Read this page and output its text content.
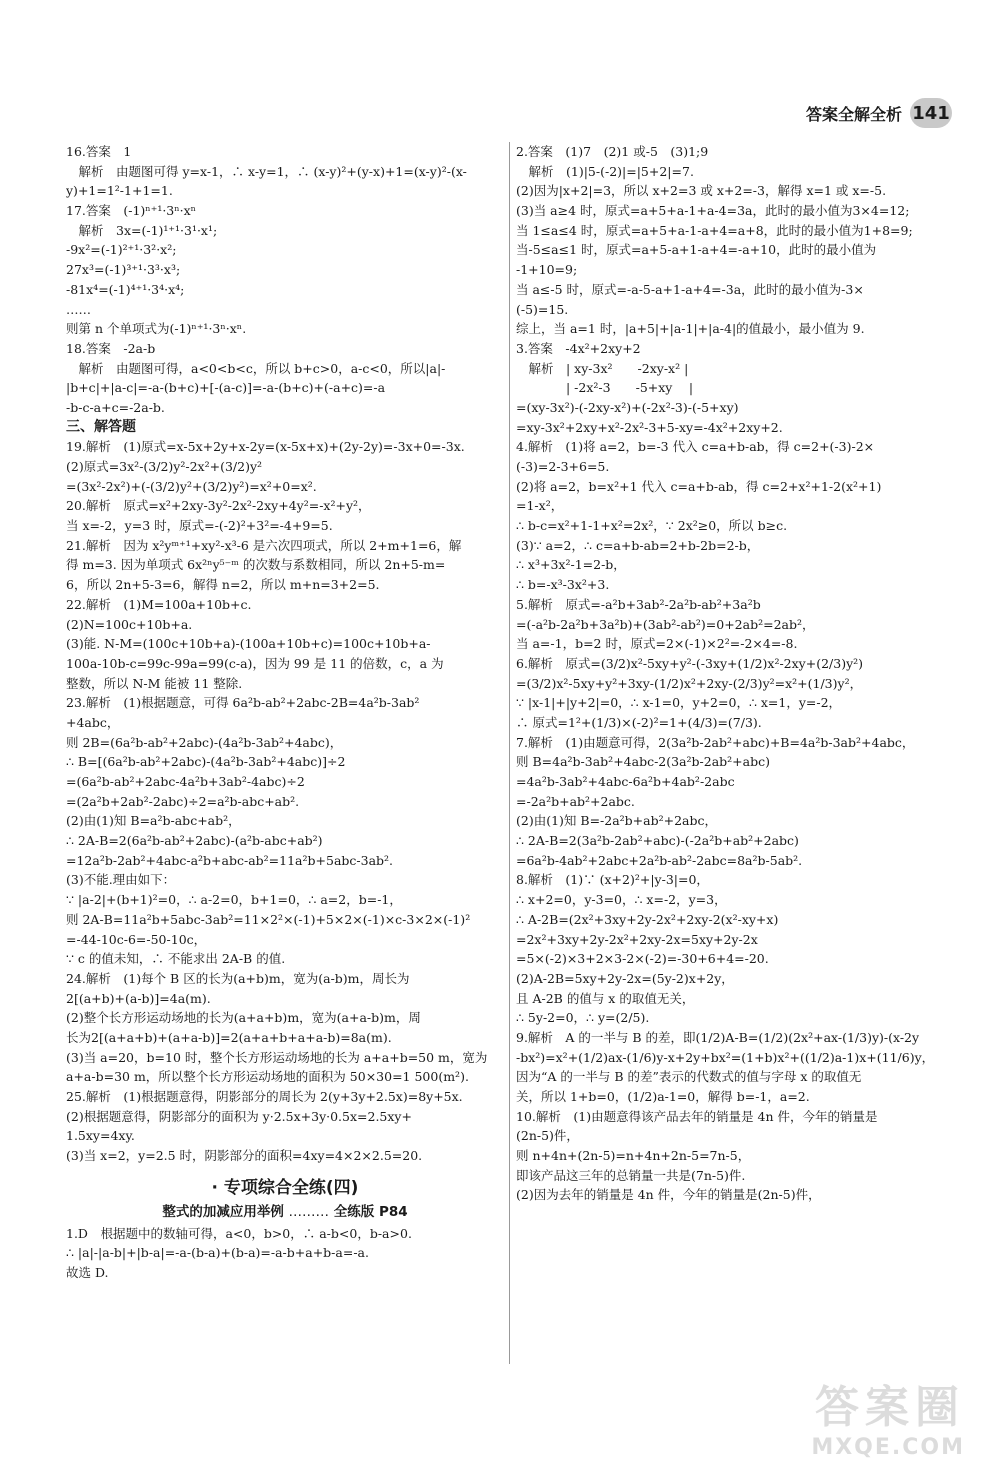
答案全解全析 141
16.答案　1
　解析　由题图可得 y=x-1，∴ x-y=1，∴ (x-y)²+(y-x)+1=(x-y)²-(x-
y)+1=1²-1+1=1.
17.答案　(-1)ⁿ⁺¹·3ⁿ·xⁿ
　解析　3x=(-1)¹⁺¹·3¹·x¹;
-9x²=(-1)²⁺¹·3²·x²;
27x³=(-1)³⁺¹·3³·x³;
-81x⁴=(-1)⁴⁺¹·3⁴·x⁴;
……
则第 n 个单项式为(-1)ⁿ⁺¹·3ⁿ·xⁿ.
18.答案　-2a-b
　解析　由题图可得，a<0<b<c，所以 b+c>0，a-c<0，所以|a|-
|b+c|+|a-c|=-a-(b+c)+[-(a-c)]=-a-(b+c)+(-a+c)=-a
-b-c-a+c=-2a-b.
三、解答题
19.解析　(1)原式=x-5x+2y+x-2y=(x-5x+x)+(2y-2y)=-3x+0=-3x.
(2)原式=3x²-(3/2)y²-2x²+(3/2)y²
=(3x²-2x²)+(-(3/2)y²+(3/2)y²)=x²+0=x².
20.解析　原式=x²+2xy-3y²-2x²-2xy+4y²=-x²+y²，
当 x=-2，y=3 时，原式=-(-2)²+3²=-4+9=5.
21.解析　因为 x²yᵐ⁺¹+xy²-x³-6 是六次四项式，所以 2+m+1=6，解
得 m=3. 因为单项式 6x²ⁿy⁵⁻ᵐ 的次数与系数相同，所以 2n+5-m=
6，所以 2n+5-3=6，解得 n=2，所以 m+n=3+2=5.
22.解析　(1)M=100a+10b+c.
(2)N=100c+10b+a.
(3)能. N-M=(100c+10b+a)-(100a+10b+c)=100c+10b+a-
100a-10b-c=99c-99a=99(c-a)，因为 99 是 11 的倍数，c，a 为
整数，所以 N-M 能被 11 整除.
23.解析　(1)根据题意，可得 6a²b-ab²+2abc-2B=4a²b-3ab²
+4abc，
则 2B=(6a²b-ab²+2abc)-(4a²b-3ab²+4abc)，
∴ B=[(6a²b-ab²+2abc)-(4a²b-3ab²+4abc)]÷2
=(6a²b-ab²+2abc-4a²b+3ab²-4abc)÷2
=(2a²b+2ab²-2abc)÷2=a²b-abc+ab².
(2)由(1)知 B=a²b-abc+ab²，
∴ 2A-B=2(6a²b-ab²+2abc)-(a²b-abc+ab²)
=12a²b-2ab²+4abc-a²b+abc-ab²=11a²b+5abc-3ab².
(3)不能.理由如下：
∵ |a-2|+(b+1)²=0，∴ a-2=0，b+1=0，∴ a=2，b=-1，
则 2A-B=11a²b+5abc-3ab²=11×2²×(-1)+5×2×(-1)×c-3×2×(-1)²
=-44-10c-6=-50-10c，
∵ c 的值未知，∴ 不能求出 2A-B 的值.
24.解析　(1)每个 B 区的长为(a+b)m，宽为(a-b)m，周长为
2[(a+b)+(a-b)]=4a(m).
(2)整个长方形运动场地的长为(a+a+b)m，宽为(a+a-b)m，周
长为2[(a+a+b)+(a+a-b)]=2(a+a+b+a+a-b)=8a(m).
(3)当 a=20，b=10 时，整个长方形运动场地的长为 a+a+b=50 m，宽为
a+a-b=30 m，所以整个长方形运动场地的面积为 50×30=1 500(m²).
25.解析　(1)根据题意得，阴影部分的周长为 2(y+3y+2.5x)=8y+5x.
(2)根据题意得，阴影部分的面积为 y·2.5x+3y·0.5x=2.5xy+
1.5xy=4xy.
(3)当 x=2，y=2.5 时，阴影部分的面积=4xy=4×2×2.5=20.
· 专项综合全练(四)
整式的加减应用举例 ……… 全练版 P84
1.D　根据题中的数轴可得，a<0，b>0，∴ a-b<0，b-a>0.
∴ |a|-|a-b|+|b-a|=-a-(b-a)+(b-a)=-a-b+a+b-a=-a.
故选 D.
2.答案　(1)7　(2)1 或-5　(3)1;9
　解析　(1)|5-(-2)|=|5+2|=7.
(2)因为|x+2|=3，所以 x+2=3 或 x+2=-3，解得 x=1 或 x=-5.
(3)当 a≥4 时，原式=a+5+a-1+a-4=3a，此时的最小值为3×4=12;
当 1≤a≤4 时，原式=a+5+a-1-a+4=a+8，此时的最小值为1+8=9;
当-5≤a≤1 时，原式=a+5-a+1-a+4=-a+10，此时的最小值为
-1+10=9;
当 a≤-5 时，原式=-a-5-a+1-a+4=-3a，此时的最小值为-3×
(-5)=15.
综上，当 a=1 时，|a+5|+|a-1|+|a-4|的值最小，最小值为 9.
3.答案　-4x²+2xy+2
　解析　| xy-3x²　　-2xy-x² |
　　　　| -2x²-3　　-5+xy　 |
=(xy-3x²)-(-2xy-x²)+(-2x²-3)-(-5+xy)
=xy-3x²+2xy+x²-2x²-3+5-xy=-4x²+2xy+2.
4.解析　(1)将 a=2，b=-3 代入 c=a+b-ab，得 c=2+(-3)-2×
(-3)=2-3+6=5.
(2)将 a=2，b=x²+1 代入 c=a+b-ab，得 c=2+x²+1-2(x²+1)
=1-x²，
∴ b-c=x²+1-1+x²=2x²，∵ 2x²≥0，所以 b≥c.
(3)∵ a=2，∴ c=a+b-ab=2+b-2b=2-b，
∴ x³+3x²-1=2-b，
∴ b=-x³-3x²+3.
5.解析　原式=-a²b+3ab²-2a²b-ab²+3a²b
=(-a²b-2a²b+3a²b)+(3ab²-ab²)=0+2ab²=2ab²，
当 a=-1，b=2 时，原式=2×(-1)×2²=-2×4=-8.
6.解析　原式=(3/2)x²-5xy+y²-(-3xy+(1/2)x²-2xy+(2/3)y²)
=(3/2)x²-5xy+y²+3xy-(1/2)x²+2xy-(2/3)y²=x²+(1/3)y²，
∵ |x-1|+|y+2|=0，∴ x-1=0，y+2=0，∴ x=1，y=-2，
∴ 原式=1²+(1/3)×(-2)²=1+(4/3)=(7/3).
7.解析　(1)由题意可得，2(3a²b-2ab²+abc)+B=4a²b-3ab²+4abc，
则 B=4a²b-3ab²+4abc-2(3a²b-2ab²+abc)
=4a²b-3ab²+4abc-6a²b+4ab²-2abc
=-2a²b+ab²+2abc.
(2)由(1)知 B=-2a²b+ab²+2abc，
∴ 2A-B=2(3a²b-2ab²+abc)-(-2a²b+ab²+2abc)
=6a²b-4ab²+2abc+2a²b-ab²-2abc=8a²b-5ab².
8.解析　(1)∵ (x+2)²+|y-3|=0，
∴ x+2=0，y-3=0，∴ x=-2，y=3，
∴ A-2B=(2x²+3xy+2y-2x²+2xy-2(x²-xy+x)
=2x²+3xy+2y-2x²+2xy-2x=5xy+2y-2x
=5×(-2)×3+2×3-2×(-2)=-30+6+4=-20.
(2)A-2B=5xy+2y-2x=(5y-2)x+2y，
且 A-2B 的值与 x 的取值无关，
∴ 5y-2=0，∴ y=(2/5).
9.解析　A 的一半与 B 的差，即(1/2)A-B=(1/2)(2x²+ax-(1/3)y)-(x-2y
-bx²)=x²+(1/2)ax-(1/6)y-x+2y+bx²=(1+b)x²+((1/2)a-1)x+(11/6)y，
因为“A 的一半与 B 的差”表示的代数式的值与字母 x 的取值无
关，所以 1+b=0，(1/2)a-1=0，解得 b=-1，a=2.
10.解析　(1)由题意得该产品去年的销量是 4n 件，今年的销量是
(2n-5)件，
则 n+4n+(2n-5)=n+4n+2n-5=7n-5，
即该产品这三年的总销量一共是(7n-5)件.
(2)因为去年的销量是 4n 件，今年的销量是(2n-5)件，
答案圈
MXQE.COM
